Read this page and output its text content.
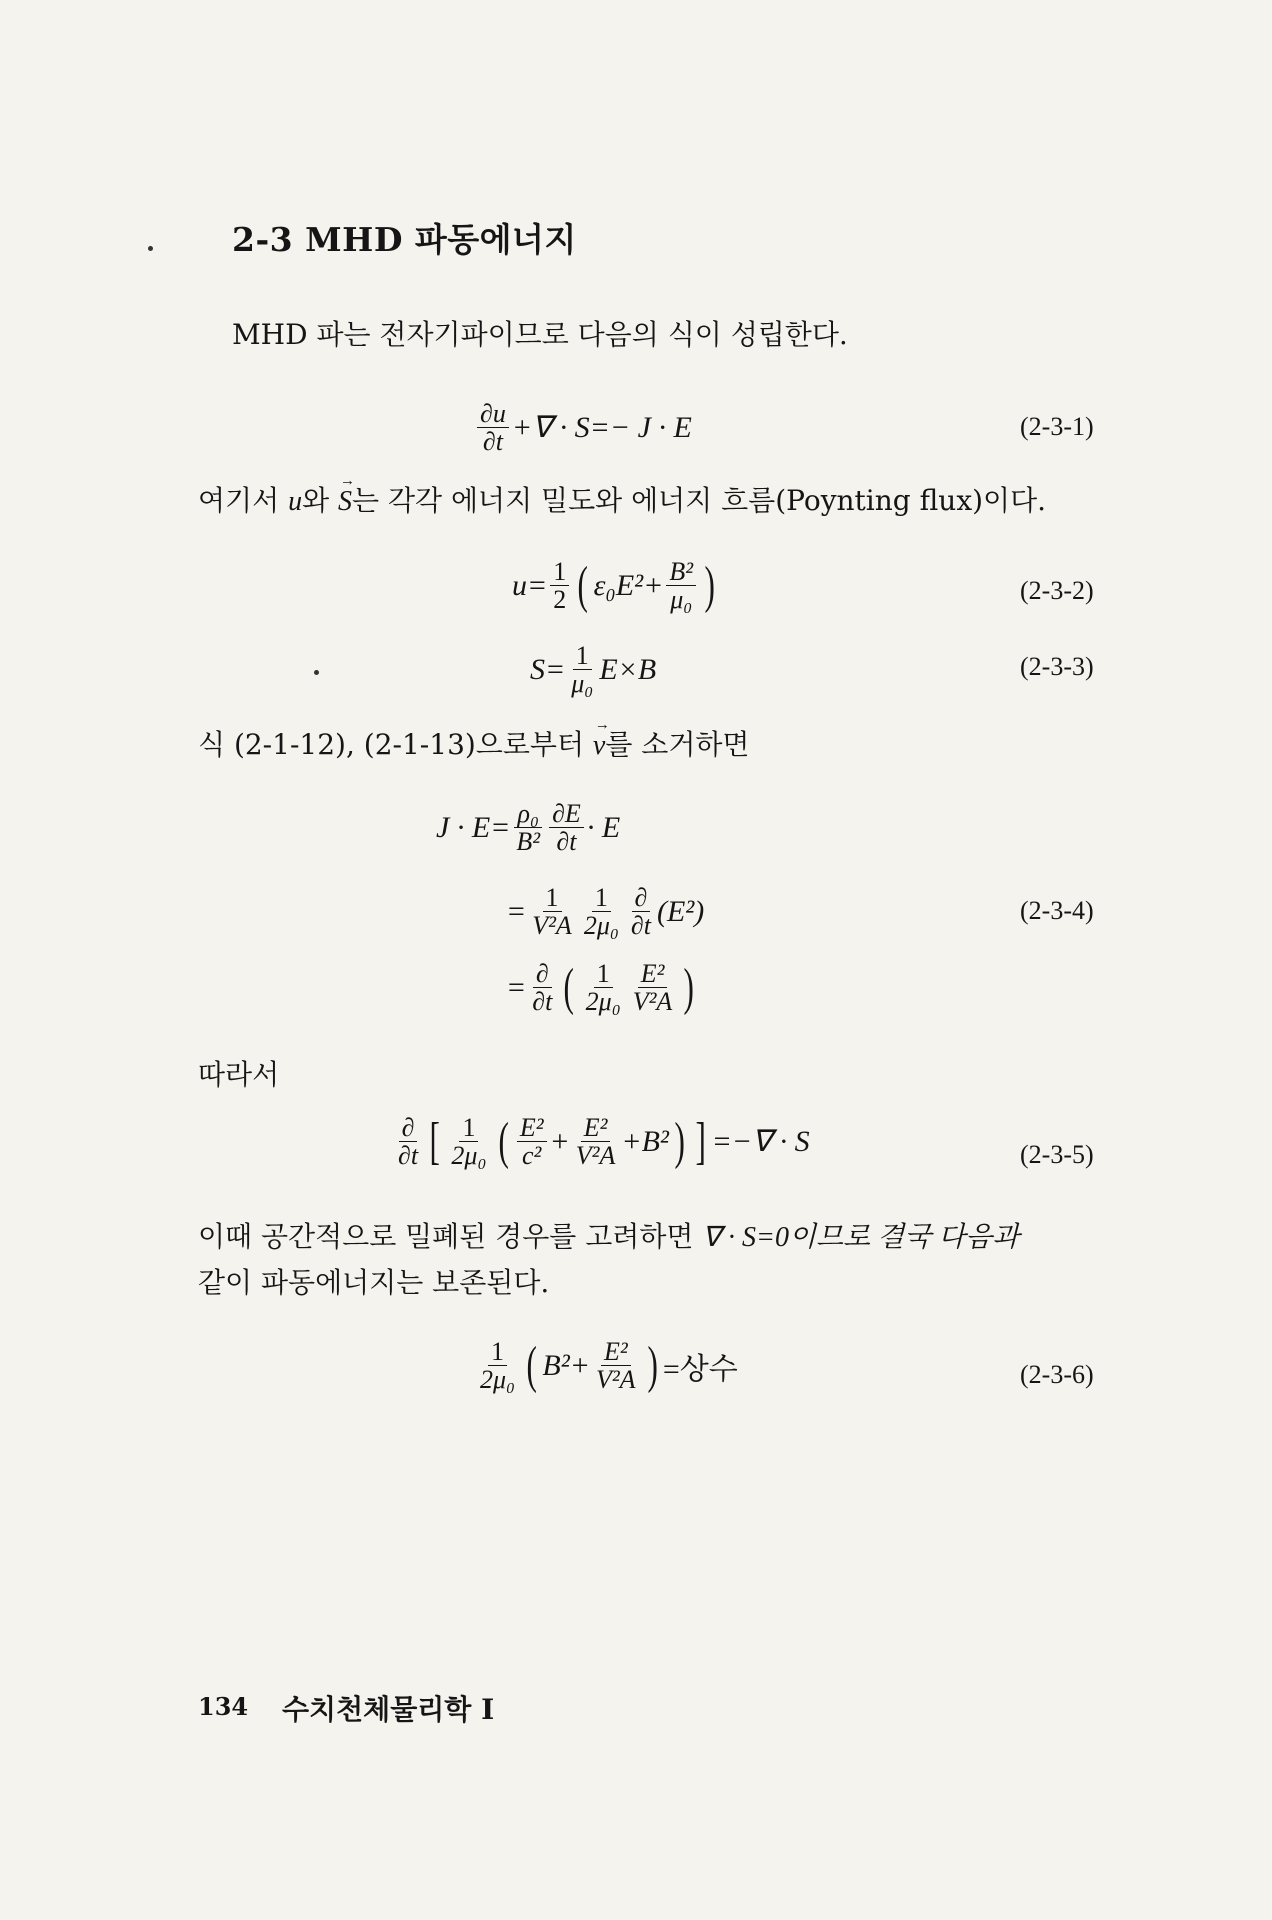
2-3 MHD 파동에너지
MHD 파는 전자기파이므로 다음의 식이 성립한다.
$\frac{\partial u}{\partial t}$ +∇ · S=− J · E	(2-3-1)
여기서 u와 → S는 각각 에너지 밀도와 에너지 흐름(Poynting flux)이다.
$u= \frac{1}{2}$ ( $\varepsilon_0E^2+ \frac{\text{B²}}{\text{μ₀}}$ )	(2-3-2)
$S= \frac{1}{\text{μ₀}} E\times B$	(2-3-3)
식 (2-1-12), (2-1-13)으로부터 → v를 소거하면
$J \cdot E= \frac{\text{ρ₀}}{\text{B²}} \frac{\partial E}{\partial t} \cdot E$
= $\frac{1}{\text{V²A}} \frac{1}{\text{2μ₀}} \frac{\partial}{\partial t} (E^2)$	(2-3-4)
= $\frac{\partial}{\partial t}$ ( $\frac{1}{\text{2μ₀}} \frac{\text{E²}}{\text{V²A}}$ )
따라서
$\frac{\partial}{\partial t}$ [ $\frac{1}{\text{2μ₀}}$ ( $\frac{\text{E²}}{\text{c²}} + \frac{\text{E²}}{\text{V²A}} +B^2$ ) ] =−∇ · S	(2-3-5)
이때 공간적으로 밀폐된 경우를 고려하면 ∇ · S=0이므로 결국 다음과
같이 파동에너지는 보존된다.
$\frac{1}{\text{2μ₀}}$ ( $B^2+ \frac{\text{E²}}{\text{V²A}}$ ) =상수	(2-3-6)
134 수치천체물리학 I
